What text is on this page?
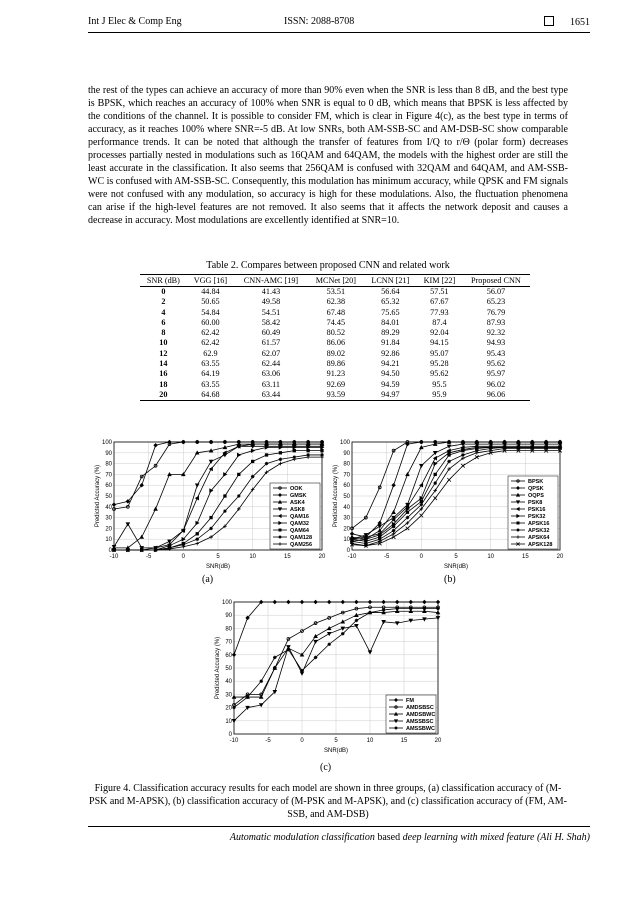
Int J Elec & Comp Eng	ISSN: 2088-8708	1651
the rest of the types can achieve an accuracy of more than 90% even when the SNR is less than 8 dB, and the best type is BPSK, which reaches an accuracy of 100% when SNR is equal to 0 dB, which means that BPSK is less affected by the conditions of the channel. It is possible to consider FM, which is clear in Figure 4(c), as the best type in terms of accuracy, as it reaches 100% where SNR=-5 dB. At low SNRs, both AM-SSB-SC and AM-DSB-SC show comparable performance trends. It can be noted that although the transfer of features from I/Q to r/Θ (polar form) decreases processes partially nested in modulations such as 16QAM and 64QAM, the models with the highest order are still the least accurate in the classification. It also seems that 256QAM is confused with 32QAM and 64QAM, and AM-SSB-WC is confused with AM-SSB-SC. Consequently, this modulation has minimum accuracy, while QPSK and FM signals were not confused with any modulation, so accuracy is high for these modulations. Also, the fluctuation phenomena can arise if the high-level features are not removed. It also seems that it affects the network deposit and causes a decrease in accuracy. Most modulations are excellently identified at SNR=10.
Table 2. Compares between proposed CNN and related work
SNR (dB)	VGG [16]	CNN-AMC [19]	MCNet [20]	LCNN [21]	KIM [22]	Proposed CNN
0	44.84	41.43	53.51	56.64	57.51	56.07
2	50.65	49.58	62.38	65.32	67.67	65.23
4	54.84	54.51	67.48	75.65	77.93	76.79
6	60.00	58.42	74.45	84.01	87.4	87.93
8	62.42	60.49	80.52	89.29	92.04	92.32
10	62.42	61.57	86.06	91.84	94.15	94.93
12	62.9	62.07	89.02	92.86	95.07	95.43
14	63.55	62.44	89.86	94.21	95.28	95.62
16	64.19	63.06	91.23	94.50	95.62	95.97
18	63.55	63.11	92.69	94.59	95.5	96.02
20	64.68	63.44	93.59	94.97	95.9	96.06
-10	-5	0	5	10	15	20
0
10
20
30
40
50
60
70
80
90
100
SNR(dB)
Predicted Accuracy (%)	OOK
GMSK
ASK4
ASK8
QAM16
QAM32
QAM64
QAM128
QAM256
-10	-5	0	5	10	15	20
0
10
20
30
40
50
60
70
80
90
100
SNR(dB)
Predicted Accuracy (%)	BPSK
QPSK
OQPS
PSK8
PSK16
PSK32
APSK16
APSK32
APSK64
APSK128
-10	-5	0	5	10	15	20
0
10
20
30
40
50
60
70
80
90
100
SNR(dB)
Predicted Accuracy (%)
FM
AMDSBSC
AMDSBWC
AMSSBSC
AMSSBWC
(a)	(b)
(c)
Figure 4. Classification accuracy results for each model are shown in three groups, (a) classification accuracy of (M-PSK and M-APSK), (b) classification accuracy of (M-PSK and M-APSK), and (c) classification accuracy of (FM, AM-SSB, and AM-DSB)
Automatic modulation classification based deep learning with mixed feature (Ali H. Shah)
